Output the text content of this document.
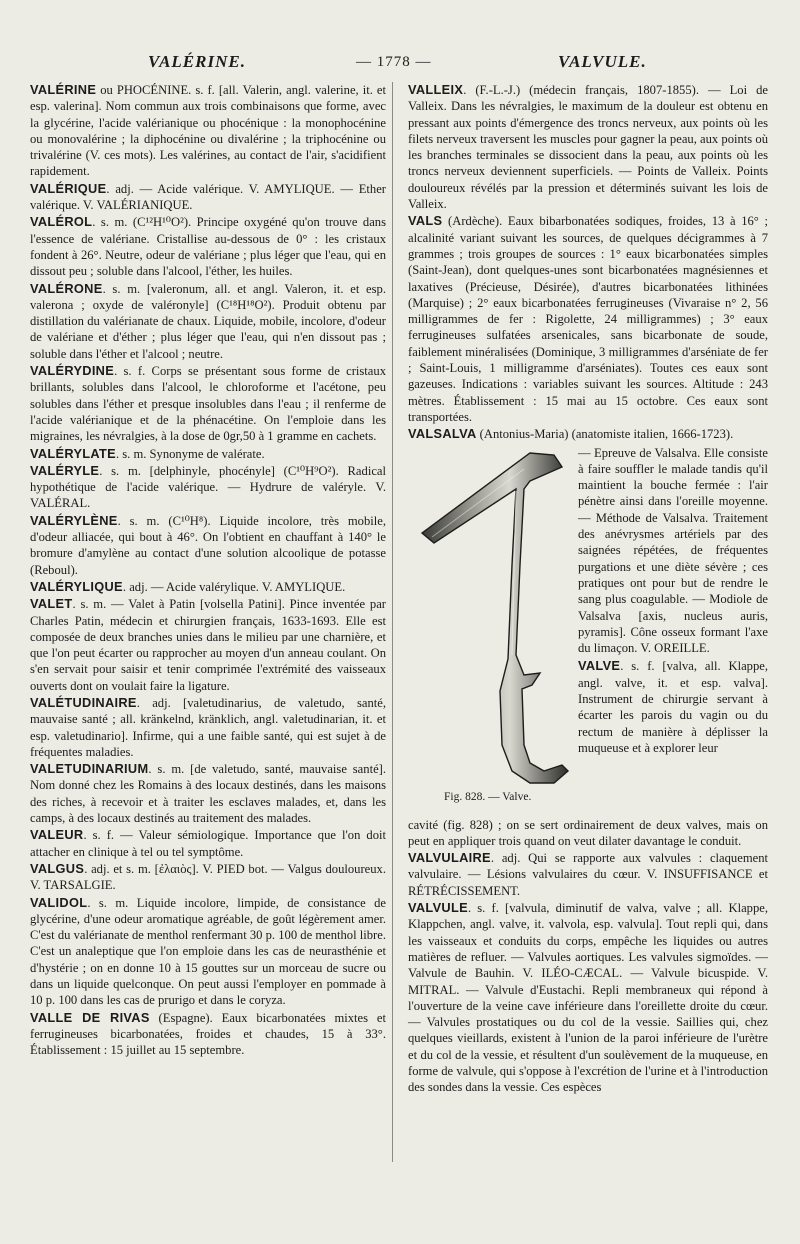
VALÉRINE.	— 1778 —	VALVULE.
VALÉRINE ou PHOCÉNINE. s. f. [all. Valerin, angl. valerine, it. et esp. valerina]. Nom commun aux trois combinaisons que forme, avec la glycérine, l'acide valérianique ou phocénique : la monophocénine ou monovalérine ; la diphocénine ou divalérine ; la triphocénine ou trivalérine (V. ces mots). Les valérines, au contact de l'air, s'acidifient rapidement.
VALÉRIQUE. adj. — Acide valérique. V. AMYLIQUE. — Ether valérique. V. VALÉRIANIQUE.
VALÉROL. s. m. (C¹²H¹⁰O²). Principe oxygéné qu'on trouve dans l'essence de valériane. Cristallise au-dessous de 0° : les cristaux fondent à 26°. Neutre, odeur de valériane ; plus léger que l'eau, qui en dissout peu ; soluble dans l'alcool, l'éther, les huiles.
VALÉRONE. s. m. [valeronum, all. et angl. Valeron, it. et esp. valerona ; oxyde de valéronyle] (C¹⁸H¹⁸O²). Produit obtenu par distillation du valérianate de chaux. Liquide, mobile, incolore, d'odeur de valériane et d'éther ; plus léger que l'eau, qui n'en dissout pas ; soluble dans l'éther et l'alcool ; neutre.
VALÉRYDINE. s. f. Corps se présentant sous forme de cristaux brillants, solubles dans l'alcool, le chloroforme et l'acétone, peu solubles dans l'éther et presque insolubles dans l'eau ; il renferme de l'acide valérianique et de la phénacétine. On l'emploie dans les migraines, les névralgies, à la dose de 0gr,50 à 1 gramme en cachets.
VALÉRYLATE. s. m. Synonyme de valérate.
VALÉRYLE. s. m. [delphinyle, phocényle] (C¹⁰H⁹O²). Radical hypothétique de l'acide valérique. — Hydrure de valéryle. V. VALÉRAL.
VALÉRYLÈNE. s. m. (C¹⁰H⁸). Liquide incolore, très mobile, d'odeur alliacée, qui bout à 46°. On l'obtient en chauffant à 140° le bromure d'amylène au contact d'une solution alcoolique de potasse (Reboul).
VALÉRYLIQUE. adj. — Acide valérylique. V. AMYLIQUE.
VALET. s. m. — Valet à Patin [volsella Patini]. Pince inventée par Charles Patin, médecin et chirurgien français, 1633-1693. Elle est composée de deux branches unies dans le milieu par une charnière, et que l'on peut écarter ou rapprocher au moyen d'un anneau coulant. On s'en servait pour saisir et tenir comprimée l'extrémité des vaisseaux ouverts dont on voulait faire la ligature.
VALÉTUDINAIRE. adj. [valetudinarius, de valetudo, santé, mauvaise santé ; all. kränkelnd, kränklich, angl. valetudinarian, it. et esp. valetudinario]. Infirme, qui a une faible santé, qui est sujet à de fréquentes maladies.
VALETUDINARIUM. s. m. [de valetudo, santé, mauvaise santé]. Nom donné chez les Romains à des locaux destinés, dans les maisons des riches, à recevoir et à traiter les esclaves malades, et, dans les camps, à des locaux destinés au traitement des malades.
VALEUR. s. f. — Valeur sémiologique. Importance que l'on doit attacher en clinique à tel ou tel symptôme.
VALGUS. adj. et s. m. [ἐλαιὸς]. V. PIED bot. — Valgus douloureux. V. TARSALGIE.
VALIDOL. s. m. Liquide incolore, limpide, de consistance de glycérine, d'une odeur aromatique agréable, de goût légèrement amer. C'est du valérianate de menthol renfermant 30 p. 100 de menthol libre. C'est un analeptique que l'on emploie dans les cas de neurasthénie et d'hystérie ; on en donne 10 à 15 gouttes sur un morceau de sucre ou dans un liquide quelconque. On peut aussi l'employer en pommade à 10 p. 100 dans les cas de prurigo et dans le coryza.
VALLE DE RIVAS (Espagne). Eaux bicarbonatées mixtes et ferrugineuses bicarbonatées, froides et chaudes, 15 à 33°. Établissement : 15 juillet au 15 septembre.
VALLEIX. (F.-L.-J.) (médecin français, 1807-1855). — Loi de Valleix. Dans les névralgies, le maximum de la douleur est obtenu en pressant aux points d'émergence des troncs nerveux, aux points où les filets nerveux traversent les muscles pour gagner la peau, aux points où les branches terminales se dissocient dans la peau, aux points où les troncs nerveux deviennent superficiels. — Points de Valleix. Points douloureux révélés par la pression et déterminés suivant les lois de Valleix.
VALS (Ardèche). Eaux bibarbonatées sodiques, froides, 13 à 16° ; alcalinité variant suivant les sources, de quelques décigrammes à 7 grammes ; trois groupes de sources : 1° eaux bicarbonatées simples (Saint-Jean), dont quelques-unes sont bicarbonatées magnésiennes et laxatives (Précieuse, Désirée), d'autres bicarbonatées lithinées (Marquise) ; 2° eaux bicarbonatées ferrugineuses (Vivaraise n° 2, 56 milligrammes de fer : Rigolette, 24 milligrammes) ; 3° eaux ferrugineuses sulfatées arsenicales, sans bicarbonate de soude, faiblement minéralisées (Dominique, 3 milligrammes d'arséniate de fer ; Saint-Louis, 1 milligramme d'arséniates). Toutes ces eaux sont gazeuses. Indications : variables suivant les sources. Altitude : 243 mètres. Établissement : 15 mai au 15 octobre. Ces eaux sont transportées.
VALSALVA (Antonius-Maria) (anatomiste italien, 1666-1723).
Fig. 828. — Valve.
— Epreuve de Valsalva. Elle consiste à faire souffler le malade tandis qu'il maintient la bouche fermée : l'air pénètre ainsi dans l'oreille moyenne. — Méthode de Valsalva. Traitement des anévrysmes artériels par des saignées répétées, de fréquentes purgations et une diète sévère ; ces pratiques ont pour but de rendre le sang plus coagulable. — Modiole de Valsalva [axis, nucleus auris, pyramis]. Cône osseux formant l'axe du limaçon. V. OREILLE.
VALVE. s. f. [valva, all. Klappe, angl. valve, it. et esp. valva]. Instrument de chirurgie servant à écarter les parois du vagin ou du rectum de manière à déplisser la muqueuse et à explorer leur
cavité (fig. 828) ; on se sert ordinairement de deux valves, mais on peut en appliquer trois quand on veut dilater davantage le conduit.
VALVULAIRE. adj. Qui se rapporte aux valvules : claquement valvulaire. — Lésions valvulaires du cœur. V. INSUFFISANCE et RÉTRÉCISSEMENT.
VALVULE. s. f. [valvula, diminutif de valva, valve ; all. Klappe, Klappchen, angl. valve, it. valvola, esp. valvula]. Tout repli qui, dans les vaisseaux et conduits du corps, empêche les liquides ou autres matières de refluer. — Valvules aortiques. Les valvules sigmoïdes. — Valvule de Bauhin. V. ILÉO-CÆCAL. — Valvule bicuspide. V. MITRAL. — Valvule d'Eustachi. Repli membraneux qui répond à l'ouverture de la veine cave inférieure dans l'oreillette droite du cœur. — Valvules prostatiques ou du col de la vessie. Saillies qui, chez quelques vieillards, existent à l'union de la paroi inférieure de l'urètre et du col de la vessie, et résultent d'un soulèvement de la muqueuse, en forme de valvule, qui s'oppose à l'excrétion de l'urine et à l'introduction des sondes dans la vessie. Ces espèces
